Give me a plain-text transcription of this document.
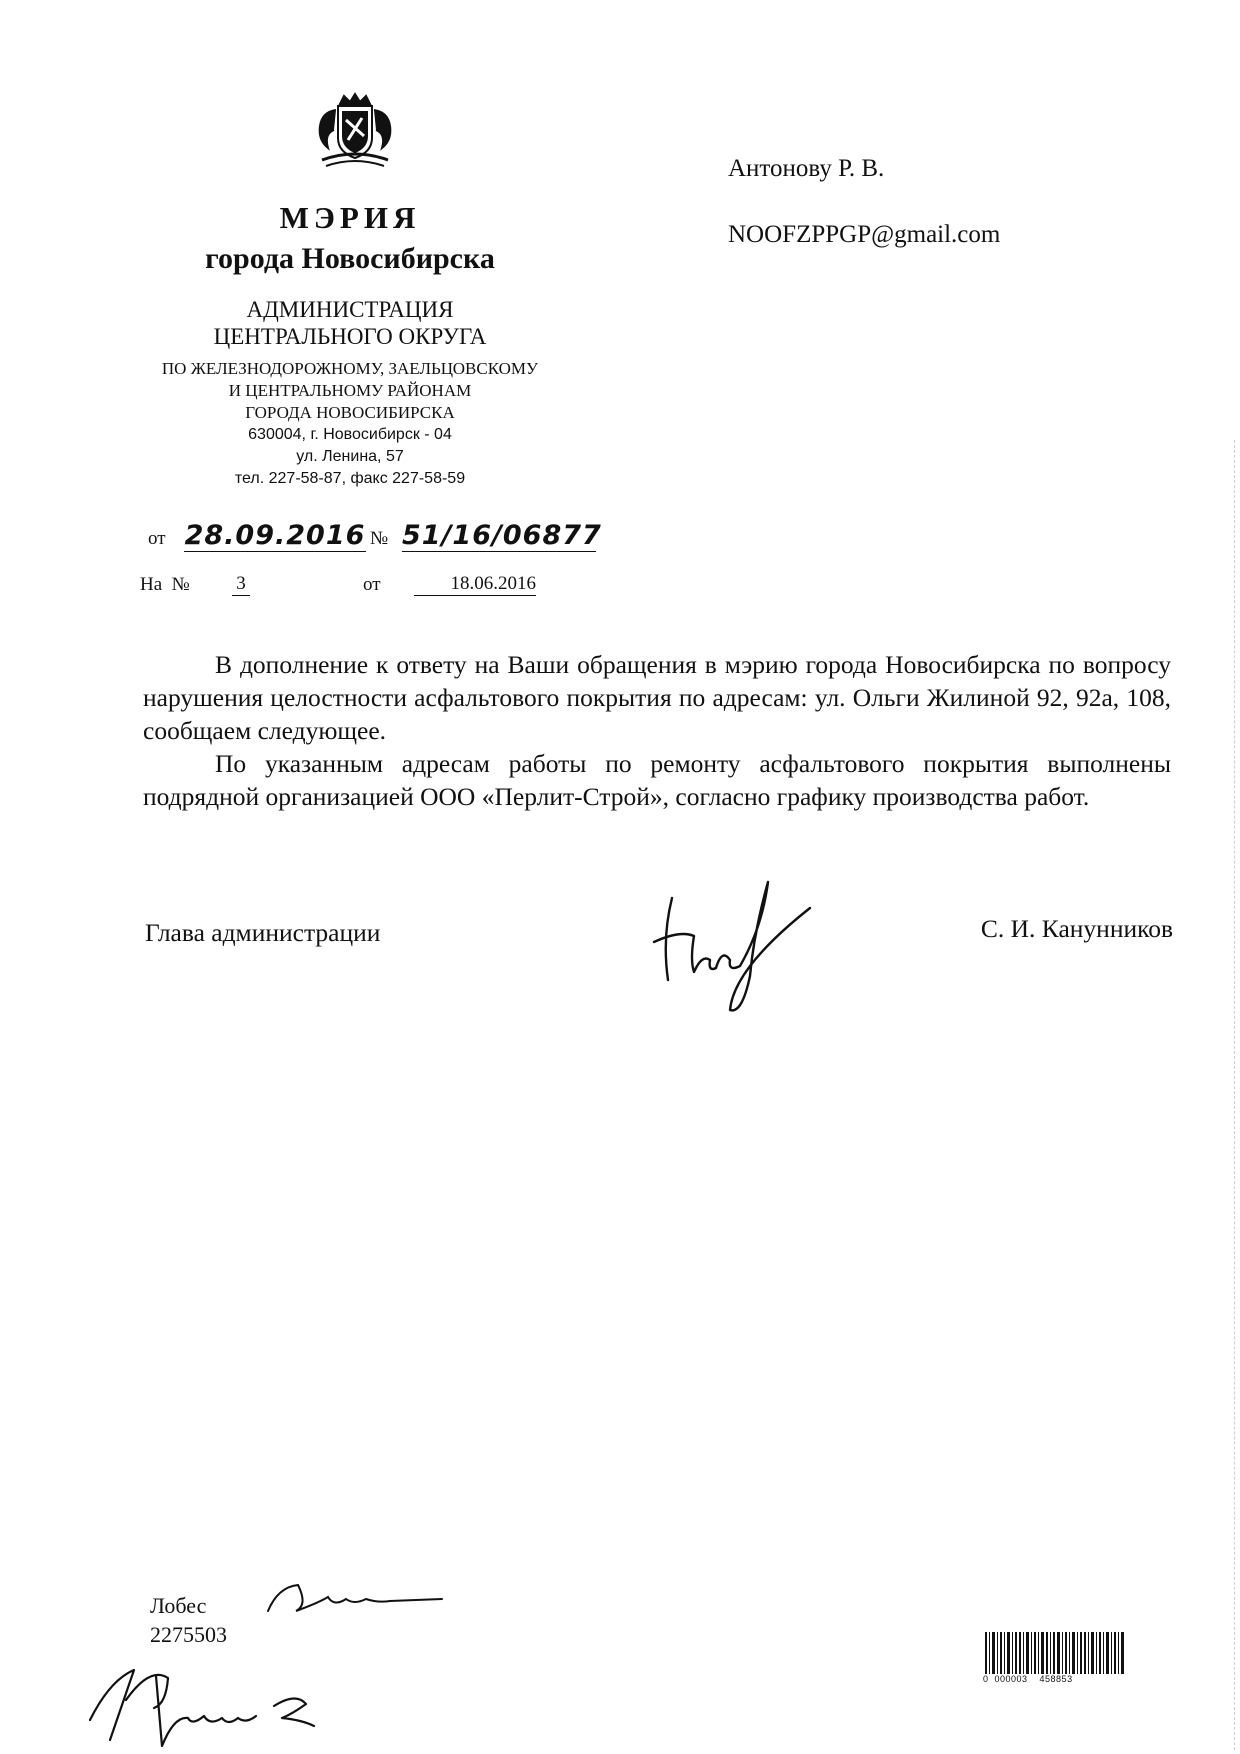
МЭРИЯ
города Новосибирска
АДМИНИСТРАЦИЯ
ЦЕНТРАЛЬНОГО ОКРУГА
ПО ЖЕЛЕЗНОДОРОЖНОМУ, ЗАЕЛЬЦОВСКОМУ
И ЦЕНТРАЛЬНОМУ РАЙОНАМ
ГОРОДА НОВОСИБИРСКА
630004, г. Новосибирск - 04
ул. Ленина, 57
тел. 227-58-87, факс 227-58-59
Антонову Р. В.
NOOFZPPGP@gmail.com
от 28.09.2016 № 51/16/06877
На  № 3	от	18.06.2016

В дополнение к ответу на Ваши обращения в мэрию города Новосибирска по вопросу нарушения целостности асфальтового покрытия по адресам: ул. Ольги Жилиной 92, 92а, 108, сообщаем следующее.

По указанным адресам работы по ремонту асфальтового покрытия выполнены подрядной организацией ООО «Перлит-Строй», согласно графику производства работ.

Глава администрации	С. И. Канунников
Лобес
2275503
0  000003    458853
